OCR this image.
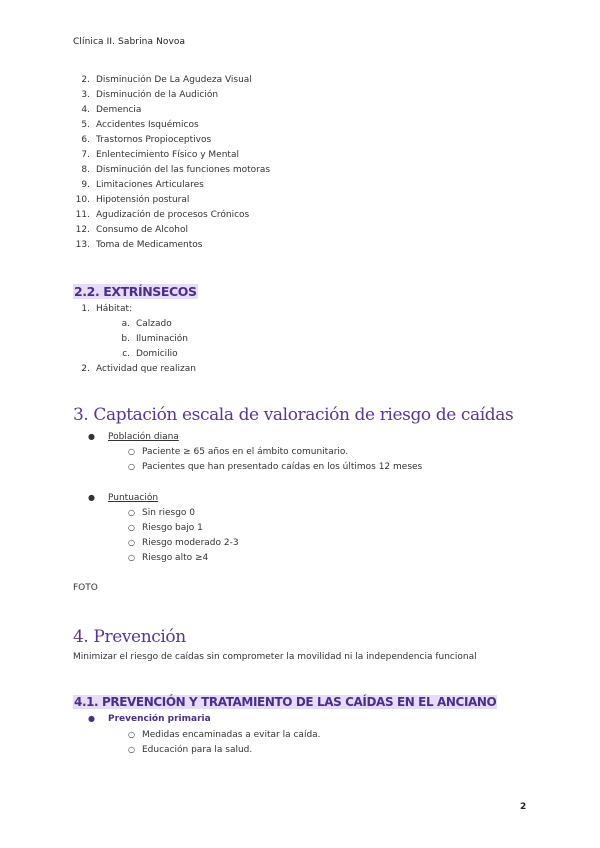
Clínica II. Sabrina Novoa
2. Disminución De La Agudeza Visual
3. Disminución de la Audición
4. Demencia
5. Accidentes Isquémicos
6. Trastornos Propioceptivos
7. Enlentecimiento Físico y Mental
8. Disminución del las funciones motoras
9. Limitaciones Articulares
10. Hipotensión postural
11. Agudización de procesos Crónicos
12. Consumo de Alcohol
13. Toma de Medicamentos
2.2. EXTRÍNSECOS
1. Hábitat:
a. Calzado
b. Iluminación
c. Domicilio
2. Actividad que realizan
3. Captación escala de valoración de riesgo de caídas
● Población diana
○ Paciente ≥ 65 años en el ámbito comunitario.
○ Pacientes que han presentado caídas en los últimos 12 meses
● Puntuación
○ Sin riesgo 0
○ Riesgo bajo 1
○ Riesgo moderado 2-3
○ Riesgo alto ≥4
FOTO
4. Prevención
Minimizar el riesgo de caídas sin comprometer la movilidad ni la independencia funcional
4.1. PREVENCIÓN Y TRATAMIENTO DE LAS CAÍDAS EN EL ANCIANO
● Prevención primaria
○ Medidas encaminadas a evitar la caída.
○ Educación para la salud.
2
